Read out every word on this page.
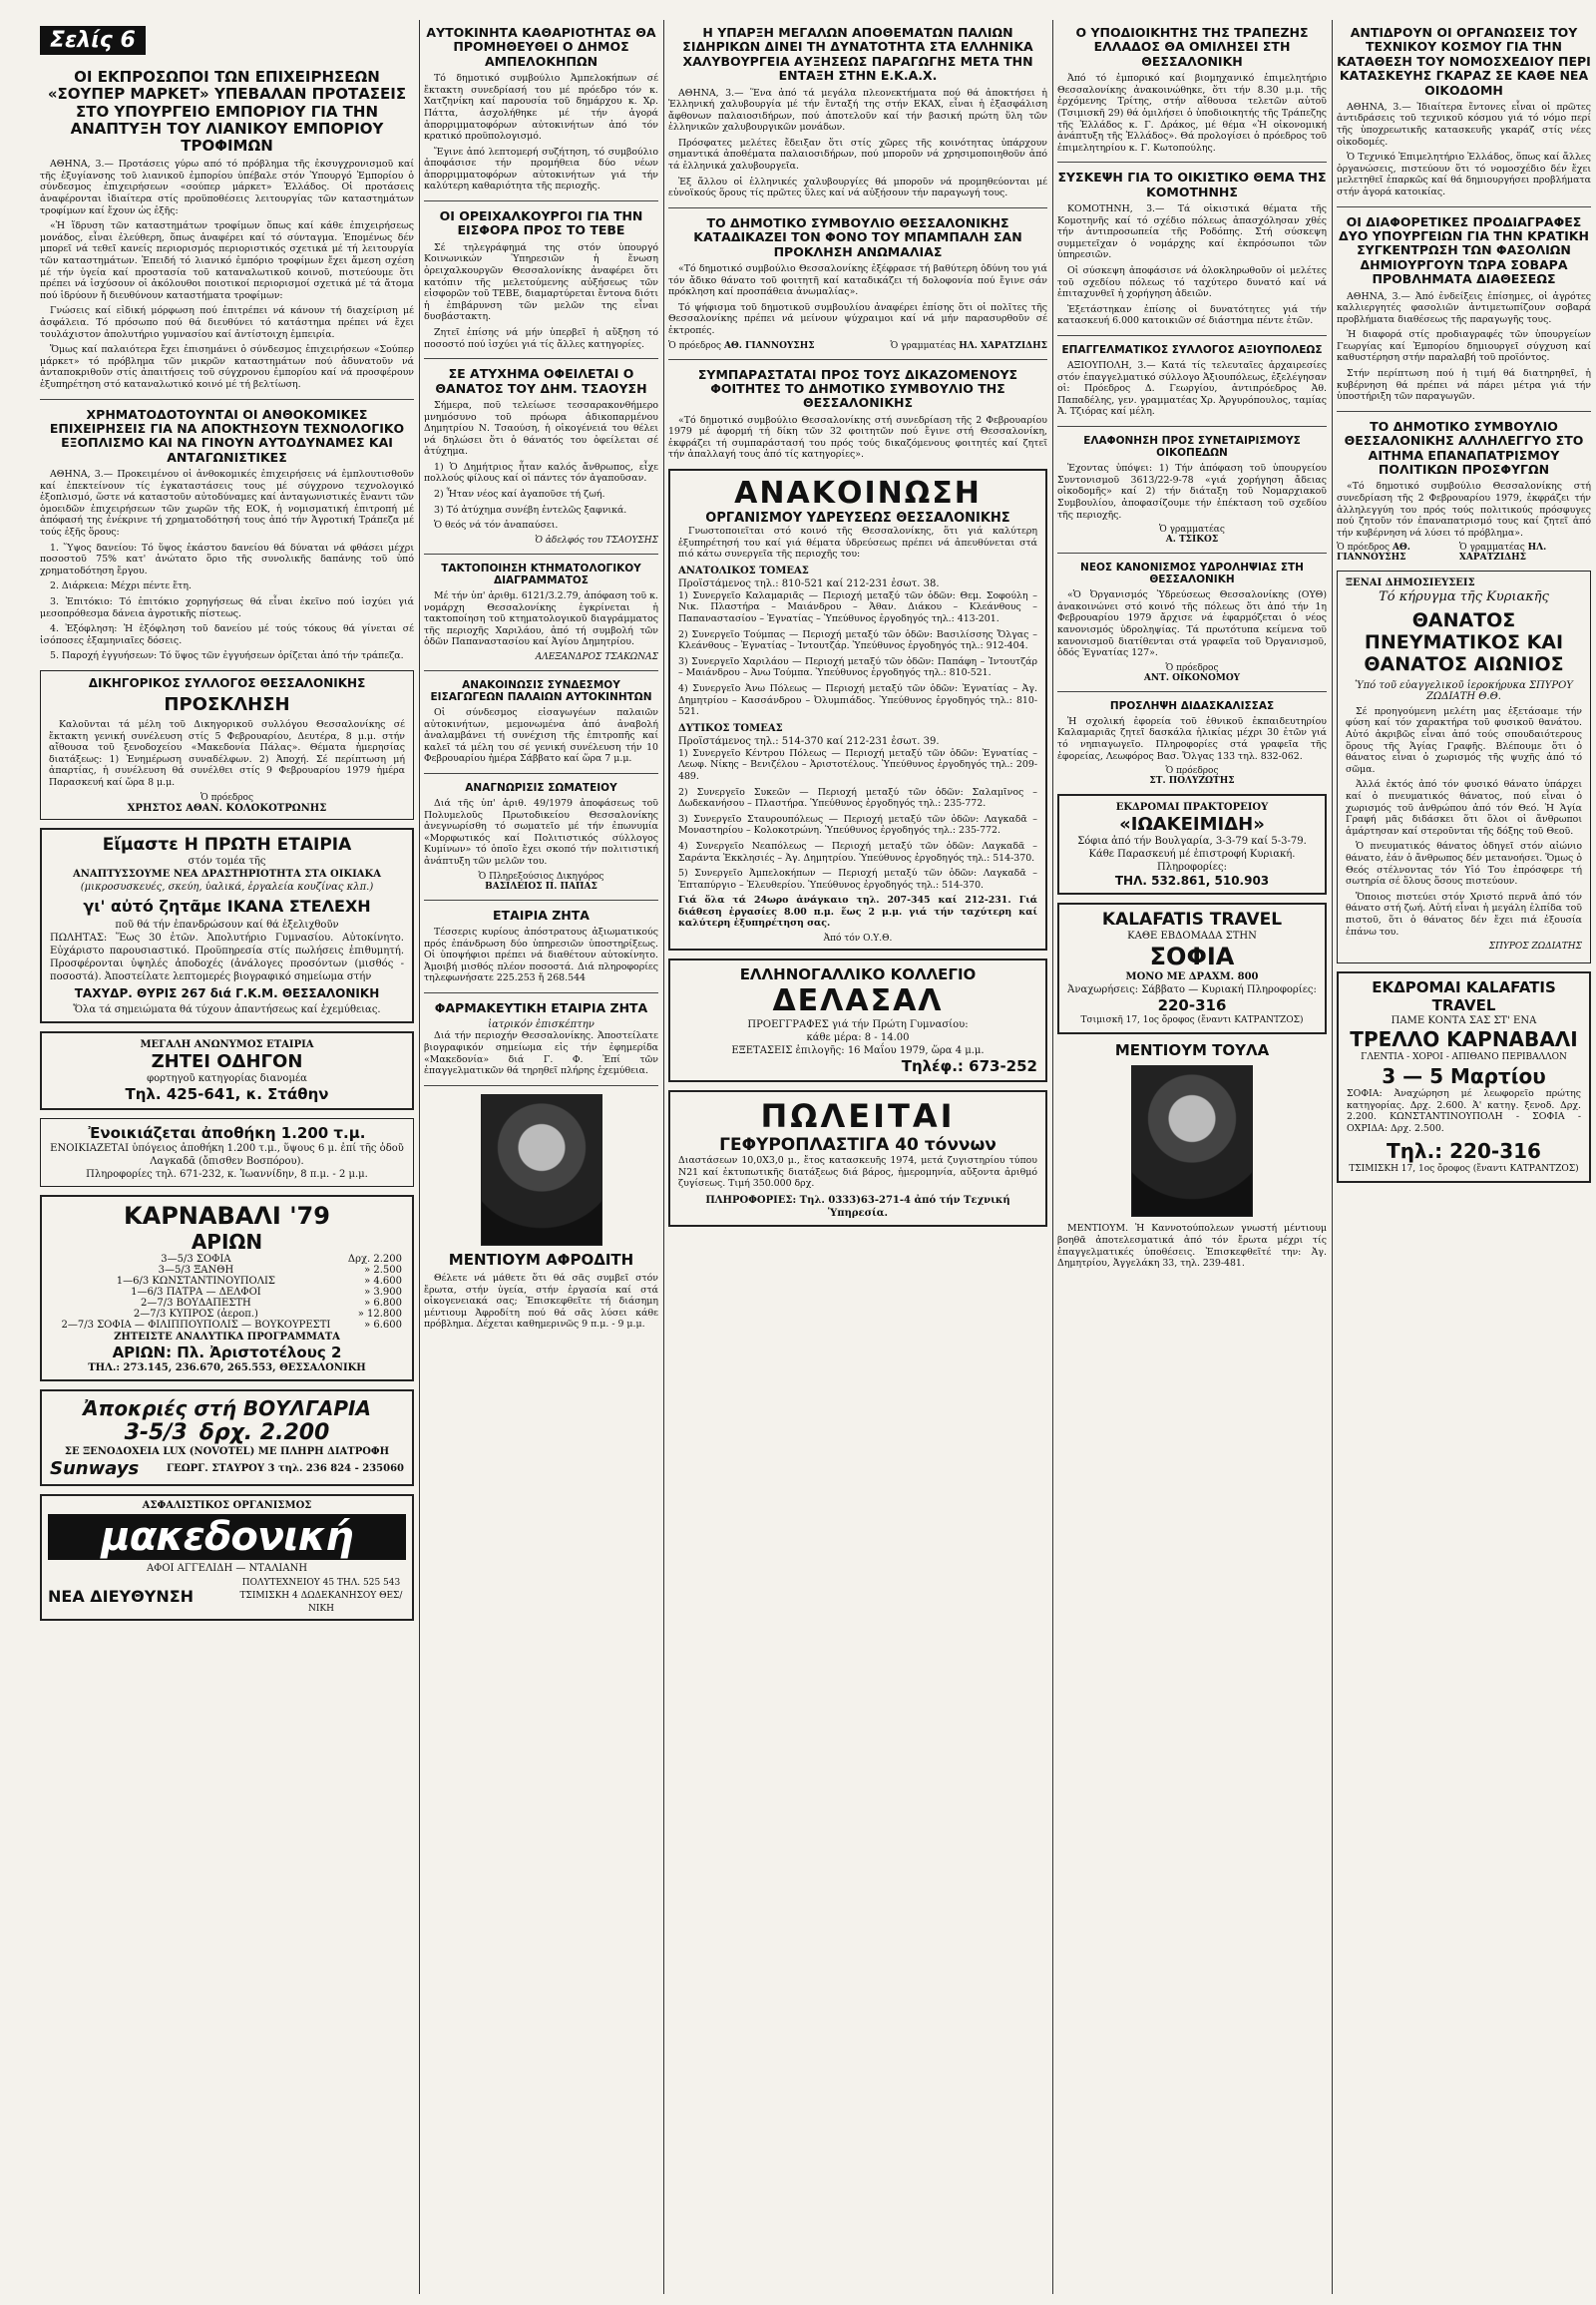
Σελίς 6
ΟΙ ΕΚΠΡΟΣΩΠΟΙ ΤΩΝ ΕΠΙΧΕΙΡΗΣΕΩΝ «ΣΟΥΠΕΡ ΜΑΡΚΕΤ» ΥΠΕΒΑΛΑΝ ΠΡΟΤΑΣΕΙΣ ΣΤΟ ΥΠΟΥΡΓΕΙΟ ΕΜΠΟΡΙΟΥ ΓΙΑ ΤΗΝ ΑΝΑΠΤΥΞΗ ΤΟΥ ΛΙΑΝΙΚΟΥ ΕΜΠΟΡΙΟΥ ΤΡΟΦΙΜΩΝ

ΑΘΗΝΑ, 3.— Προτάσεις γύρω από τό πρόβλημα τῆς ἐκσυγχρονισμοῦ καί τῆς ἐξυγίανσης τοῦ λιανικοῦ ἐμπορίου ὑπέβαλε στόν Ὑπουργό Ἐμπορίου ὁ σύνδεσμος ἐπιχειρήσεων «σούπερ μάρκετ» Ἑλλάδος. Οἱ προτάσεις ἀναφέρονται ἰδιαίτερα στίς προϋποθέσεις λειτουργίας τῶν καταστημάτων τροφίμων καί ἔχουν ὡς ἑξῆς:

«Ἡ ἵδρυση τῶν καταστημάτων τροφίμων ὅπως καί κάθε ἐπιχειρήσεως μονάδος, εἶναι ἐλεύθερη, ὅπως ἀναφέρει καί τό σύνταγμα. Ἐπομένως δέν μπορεῖ νά τεθεῖ κανείς περιορισμός περιοριστικός σχετικά μέ τή λειτουργία τῶν καταστημάτων. Ἐπειδή τό λιανικό ἐμπόριο τροφίμων ἔχει ἄμεση σχέση μέ τήν ὑγεία καί προστασία τοῦ καταναλωτικοῦ κοινοῦ, πιστεύουμε ὅτι πρέπει νά ἰσχύσουν οἱ ἀκόλουθοι ποιοτικοί περιορισμοί σχετικά μέ τά ἄτομα πού ἱδρύουν ἤ διευθύνουν καταστήματα τροφίμων:

Γνώσεις καί εἰδική μόρφωση πού ἐπιτρέπει νά κάνουν τή διαχείριση μέ ἀσφάλεια. Τό πρόσωπο πού θά διευθύνει τό κατάστημα πρέπει νά ἔχει τουλάχιστον ἀπολυτήριο γυμνασίου καί ἀντίστοιχη ἐμπειρία.

Ὅμως καί παλαιότερα ἔχει ἐπισημάνει ὁ σύνδεσμος ἐπιχειρήσεων «Σούπερ μάρκετ» τό πρόβλημα τῶν μικρῶν καταστημάτων πού ἀδυνατοῦν νά ἀνταποκριθοῦν στίς ἀπαιτήσεις τοῦ σύγχρονου ἐμπορίου καί νά προσφέρουν ἐξυπηρέτηση στό καταναλωτικό κοινό μέ τή βελτίωση.

ΧΡΗΜΑΤΟΔΟΤΟΥΝΤΑΙ ΟΙ ΑΝΘΟΚΟΜΙΚΕΣ ΕΠΙΧΕΙΡΗΣΕΙΣ ΓΙΑ ΝΑ ΑΠΟΚΤΗΣΟΥΝ ΤΕΧΝΟΛΟΓΙΚΟ ΕΞΟΠΛΙΣΜΟ ΚΑΙ ΝΑ ΓΙΝΟΥΝ ΑΥΤΟΔΥΝΑΜΕΣ ΚΑΙ ΑΝΤΑΓΩΝΙΣΤΙΚΕΣ

ΑΘΗΝΑ, 3.— Προκειμένου οἱ ἀνθοκομικές ἐπιχειρήσεις νά ἐμπλουτισθοῦν καί ἐπεκτείνουν τίς ἐγκαταστάσεις τους μέ σύγχρονο τεχνολογικό ἐξοπλισμό, ὥστε νά καταστοῦν αὐτοδύναμες καί ἀνταγωνιστικές ἔναντι τῶν ὁμοειδῶν ἐπιχειρήσεων τῶν χωρῶν τῆς ΕΟΚ, ἡ νομισματική ἐπιτροπή μέ ἀπόφασή της ἐνέκρινε τή χρηματοδότησή τους ἀπό τήν Ἀγροτική Τράπεζα μέ τούς ἑξῆς ὅρους:

1. Ὕψος δανείου: Τό ὕψος ἐκάστου δανείου θά δύναται νά φθάσει μέχρι ποσοστοῦ 75% κατ' ἀνώτατο ὅριο τῆς συνολικῆς δαπάνης τοῦ ὑπό χρηματοδότηση ἔργου.

2. Διάρκεια: Μέχρι πέντε ἔτη.

3. Ἐπιτόκιο: Τό ἐπιτόκιο χορηγήσεως θά εἶναι ἐκεῖνο πού ἰσχύει γιά μεσοπρόθεσμα δάνεια ἀγροτικῆς πίστεως.

4. Ἐξόφληση: Ἡ ἐξόφληση τοῦ δανείου μέ τούς τόκους θά γίνεται σέ ἰσόποσες ἑξαμηνιαῖες δόσεις.

5. Παροχή ἐγγυήσεων: Τό ὕψος τῶν ἐγγυήσεων ὁρίζεται ἀπό τήν τράπεζα.

ΔΙΚΗΓΟΡΙΚΟΣ ΣΥΛΛΟΓΟΣ ΘΕΣΣΑΛΟΝΙΚΗΣ
ΠΡΟΣΚΛΗΣΗ

Καλοῦνται τά μέλη τοῦ Δικηγορικοῦ συλλόγου Θεσσαλονίκης σέ ἔκτακτη γενική συνέλευση στίς 5 Φεβρουαρίου, Δευτέρα, 8 μ.μ. στήν αἴθουσα τοῦ ξενοδοχείου «Μακεδονία Πάλας». Θέματα ἡμερησίας διατάξεως: 1) Ἐνημέρωση συναδέλφων. 2) Ἀποχή. Σέ περίπτωση μή ἀπαρτίας, ἡ συνέλευση θά συνέλθει στίς 9 Φεβρουαρίου 1979 ἡμέρα Παρασκευή καί ὥρα 8 μ.μ.

Ὁ πρόεδρος
ΧΡΗΣΤΟΣ ΑΘΑΝ. ΚΟΛΟΚΟΤΡΩΝΗΣ
Εἴμαστε Η ΠΡΩΤΗ ΕΤΑΙΡΙΑ
στόν τομέα τῆς
ΑΝΑΠΤΥΣΣΟΥΜΕ ΝΕΑ ΔΡΑΣΤΗΡΙΟΤΗΤΑ ΣΤΑ ΟΙΚΙΑΚΑ
(μικροσυσκευές, σκεύη, ὑαλικά, ἐργαλεία κουζίνας κλπ.)
γι' αὐτό ζητᾶμε ΙΚΑΝΑ ΣΤΕΛΕΧΗ
ποῦ θά τήν ἐπανδρώσουν καί θά ἐξελιχθοῦν
ΠΩΛΗΤΑΣ: Ἕως 30 ἐτῶν. Ἀπολυτήριο Γυμνασίου. Αὐτοκίνητο. Εὐχάριστο παρουσιαστικό. Προϋπηρεσία στίς πωλήσεις ἐπιθυμητή. Προσφέρονται ὑψηλές ἀποδοχές (ἀνάλογες προσόντων (μισθός - ποσοστά). Ἀποστείλατε λεπτομερές βιογραφικό σημείωμα στήν
ΤΑΧΥΔΡ. ΘΥΡΙΣ 267 διά Γ.Κ.Μ. ΘΕΣΣΑΛΟΝΙΚΗ
Ὅλα τά σημειώματα θά τύχουν ἀπαντήσεως καί ἐχεμύθειας.
ΜΕΓΑΛΗ ΑΝΩΝΥΜΟΣ ΕΤΑΙΡΙΑ
ΖΗΤΕΙ ΟΔΗΓΟΝ
φορτηγοῦ κατηγορίας διανομέα
Τηλ. 425-641, κ. Στάθην
Ἐνοικιάζεται ἀποθήκη 1.200 τ.μ.
ΕΝΟΙΚΙΑΖΕΤΑΙ ὑπόγειος ἀποθήκη 1.200 τ.μ., ὕψους 6 μ. ἐπί τῆς ὁδοῦ Λαγκαδᾶ (ὄπισθεν Βοσπόρου).
Πληροφορίες τηλ. 671-232, κ. Ἰωαννίδην, 8 π.μ. - 2 μ.μ.
ΚΑΡΝΑΒΑΛΙ '79
ΑΡΙΩΝ
3—5/3 ΣΟΦΙΑ	Δρχ. 2.200
3—5/3 ΞΑΝΘΗ	» 2.500
1—6/3 ΚΩΝΣΤΑΝΤΙΝΟΥΠΟΛΙΣ	» 4.600
1—6/3 ΠΑΤΡΑ — ΔΕΛΦΟΙ	» 3.900
2—7/3 ΒΟΥΔΑΠΕΣΤΗ	» 6.800
2—7/3 ΚΥΠΡΟΣ (ἀεροπ.)	» 12.800
2—7/3 ΣΟΦΙΑ — ΦΙΛΙΠΠΟΥΠΟΛΙΣ — ΒΟΥΚΟΥΡΕΣΤΙ	» 6.600
ΖΗΤΕΙΣΤΕ ΑΝΑΛΥΤΙΚΑ ΠΡΟΓΡΑΜΜΑΤΑ
ΑΡΙΩΝ: Πλ. Ἀριστοτέλους 2
ΤΗΛ.: 273.145, 236.670, 265.553, ΘΕΣΣΑΛΟΝΙΚΗ
Ἀποκριές στή ΒΟΥΛΓΑΡΙΑ
3-5/3 δρχ. 2.200
ΣΕ ΞΕΝΟΔΟΧΕΙΑ LUX (NOVOTEL) ΜΕ ΠΛΗΡΗ ΔΙΑΤΡΟΦΗ
Sunways	ΓΕΩΡΓ. ΣΤΑΥΡΟΥ 3 τηλ. 236 824 - 235060
ΑΣΦΑΛΙΣΤΙΚΟΣ ΟΡΓΑΝΙΣΜΟΣ
μακεδονική
ΑΦΟΙ ΑΓΓΕΛΙΔΗ — ΝΤΑΛΙΑΝΗ
ΝΕΑ ΔΙΕΥΘΥΝΣΗ
ΠΟΛΥΤΕΧΝΕΙΟΥ 45 ΤΗΛ. 525 543 ΤΣΙΜΙΣΚΗ 4 ΔΩΔΕΚΑΝΗΣΟΥ ΘΕΣ/ΝΙΚΗ
ΑΥΤΟΚΙΝΗΤΑ ΚΑΘΑΡΙΟΤΗΤΑΣ ΘΑ ΠΡΟΜΗΘΕΥΘΕΙ Ο ΔΗΜΟΣ ΑΜΠΕΛΟΚΗΠΩΝ

Τό δημοτικό συμβούλιο Ἀμπελοκήπων σέ ἔκτακτη συνεδρίασή του μέ πρόεδρο τόν κ. Χατζηνίκη καί παρουσία τοῦ δημάρχου κ. Χρ. Πάττα, ἀσχολήθηκε μέ τήν ἀγορά ἀπορριμματοφόρων αὐτοκινήτων ἀπό τόν κρατικό προϋπολογισμό.

Ἔγινε ἀπό λεπτομερή συζήτηση, τό συμβούλιο ἀποφάσισε τήν προμήθεια δύο νέων ἀπορριμματοφόρων αὐτοκινήτων γιά τήν καλύτερη καθαριότητα τῆς περιοχῆς.

ΟΙ ΟΡΕΙΧΑΛΚΟΥΡΓΟΙ ΓΙΑ ΤΗΝ ΕΙΣΦΟΡΑ ΠΡΟΣ ΤΟ ΤΕΒΕ

Σέ τηλεγράφημά της στόν ὑπουργό Κοινωνικών Ὑπηρεσιῶν ἡ ἕνωση ὀρειχαλκουργῶν Θεσσαλονίκης ἀναφέρει ὅτι κατόπιν τῆς μελετούμενης αὐξήσεως τῶν εἰσφορῶν τοῦ ΤΕΒΕ, διαμαρτύρεται ἔντονα διότι ἡ ἐπιβάρυνση τῶν μελῶν της εἶναι δυσβάστακτη.

Ζητεῖ ἐπίσης νά μήν ὑπερβεῖ ἡ αὔξηση τό ποσοστό πού ἰσχύει γιά τίς ἄλλες κατηγορίες.

ΣΕ ΑΤΥΧΗΜΑ ΟΦΕΙΛΕΤΑΙ Ο ΘΑΝΑΤΟΣ ΤΟΥ ΔΗΜ. ΤΣΑΟΥΣΗ

Σήμερα, ποῦ τελείωσε τεσσαρακονθήμερο μνημόσυνο τοῦ πρόωρα ἀδικοπαρμένου Δημητρίου Ν. Τσαούση, ἡ οἰκογένειά του θέλει νά δηλώσει ὅτι ὁ θάνατός του ὀφείλεται σέ ἀτύχημα.

1) Ὁ Δημήτριος ἦταν καλός ἄνθρωπος, εἶχε πολλούς φίλους καί οἱ πάντες τόν ἀγαποῦσαν.

2) Ἦταν νέος καί ἀγαποῦσε τή ζωή.

3) Τό ἀτύχημα συνέβη ἐντελῶς ξαφνικά.

Ὁ θεός νά τόν ἀναπαύσει.

Ὁ ἀδελφός του ΤΣΑΟΥΣΗΣ
ΤΑΚΤΟΠΟΙΗΣΗ ΚΤΗΜΑΤΟΛΟΓΙΚΟΥ ΔΙΑΓΡΑΜΜΑΤΟΣ

Μέ τήν ὑπ' ἀριθμ. 6121/3.2.79, ἀπόφαση τοῦ κ. νομάρχη Θεσσαλονίκης ἐγκρίνεται ἡ τακτοποίηση τοῦ κτηματολογικοῦ διαγράμματος τῆς περιοχῆς Χαριλάου, ἀπό τή συμβολή τῶν ὁδῶν Παπαναστασίου καί Ἀγίου Δημητρίου.

ΑΛΕΞΑΝΔΡΟΣ ΤΣΑΚΩΝΑΣ
ΑΝΑΚΟΙΝΩΣΙΣ ΣΥΝΔΕΣΜΟΥ ΕΙΣΑΓΩΓΕΩΝ ΠΑΛΑΙΩΝ ΑΥΤΟΚΙΝΗΤΩΝ

Οἱ σύνδεσμος εἰσαγωγέων παλαιῶν αὐτοκινήτων, μεμονωμένα ἀπό ἀναβολή ἀναλαμβάνει τή συνέχιση τῆς ἐπιτροπῆς καί καλεῖ τά μέλη του σέ γενική συνέλευση τήν 10 Φεβρουαρίου ἡμέρα Σάββατο καί ὥρα 7 μ.μ.

ΑΝΑΓΝΩΡΙΣΙΣ ΣΩΜΑΤΕΙΟΥ

Διά τῆς ὑπ' ἀριθ. 49/1979 ἀποφάσεως τοῦ Πολυμελοῦς Πρωτοδικείου Θεσσαλονίκης ἀνεγνωρίσθη τό σωματεῖο μέ τήν ἐπωνυμία «Μορφωτικός καί Πολιτιστικός σύλλογος Κυμίνων» τό ὁποῖο ἔχει σκοπό τήν πολιτιστική ἀνάπτυξη τῶν μελῶν του.

Ὁ Πληρεξούσιος Δικηγόρος
ΒΑΣΙΛΕΙΟΣ Π. ΠΑΠΑΣ
ΕΤΑΙΡΙΑ ΖΗΤΑ

Τέσσερις κυρίους ἀπόστρατους ἀξιωματικούς πρός ἐπάνδρωση δύο ὑπηρεσιῶν ὑποστηρίξεως. Οἱ ὑποψήφιοι πρέπει νά διαθέτουν αὐτοκίνητο. Ἀμοιβή μισθός πλέον ποσοστά. Διά πληροφορίες τηλεφωνήσατε 225.253 ἤ 268.544

ΦΑΡΜΑΚΕΥΤΙΚΗ ΕΤΑΙΡΙΑ ΖΗΤΑ
ἰατρικόν ἐπισκέπτην

Διά τήν περιοχήν Θεσσαλονίκης. Ἀποστείλατε βιογραφικόν σημείωμα εἰς τήν ἐφημερίδα «Μακεδονία» διά Γ. Φ. Ἐπί τῶν ἐπαγγελματικῶν θά τηρηθεῖ πλήρης ἐχεμύθεια.

ΜΕΝΤΙΟΥΜ ΑΦΡΟΔΙΤΗ

Θέλετε νά μάθετε ὅτι θά σᾶς συμβεῖ στόν ἔρωτα, στήν ὑγεία, στήν ἐργασία καί στά οἰκογενειακά σας; Ἐπισκεφθεῖτε τή διάσημη μέντιουμ Ἀφροδίτη πού θά σᾶς λύσει κάθε πρόβλημα. Δέχεται καθημερινῶς 9 π.μ. - 9 μ.μ.

Η ΥΠΑΡΞΗ ΜΕΓΑΛΩΝ ΑΠΟΘΕΜΑΤΩΝ ΠΑΛΙΩΝ ΣΙΔΗΡΙΚΩΝ ΔΙΝΕΙ ΤΗ ΔΥΝΑΤΟΤΗΤΑ ΣΤΑ ΕΛΛΗΝΙΚΑ ΧΑΛΥΒΟΥΡΓΕΙΑ ΑΥΞΗΣΕΩΣ ΠΑΡΑΓΩΓΗΣ ΜΕΤΑ ΤΗΝ ΕΝΤΑΞΗ ΣΤΗΝ Ε.Κ.Α.Χ.

ΑΘΗΝΑ, 3.— Ἕνα ἀπό τά μεγάλα πλεονεκτήματα πού θά ἀποκτήσει ἡ Ἑλληνική χαλυβουργία μέ τήν ἔνταξή της στήν ΕΚΑΧ, εἶναι ἡ ἐξασφάλιση ἄφθονων παλαιοσιδήρων, πού ἀποτελοῦν καί τήν βασική πρώτη ὕλη τῶν ἑλληνικῶν χαλυβουργικῶν μονάδων.

Πρόσφατες μελέτες ἔδειξαν ὅτι στίς χῶρες τῆς κοινότητας ὑπάρχουν σημαντικά ἀποθέματα παλαιοσιδήρων, πού μποροῦν νά χρησιμοποιηθοῦν ἀπό τά ἑλληνικά χαλυβουργεῖα.

Ἐξ ἄλλου οἱ ἑλληνικές χαλυβουργίες θά μποροῦν νά προμηθεύονται μέ εὐνοϊκούς ὅρους τίς πρῶτες ὕλες καί νά αὐξήσουν τήν παραγωγή τους.

ΤΟ ΔΗΜΟΤΙΚΟ ΣΥΜΒΟΥΛΙΟ ΘΕΣΣΑΛΟΝΙΚΗΣ ΚΑΤΑΔΙΚΑΖΕΙ ΤΟΝ ΦΟΝΟ ΤΟΥ ΜΠΑΜΠΑΛΗ ΣΑΝ ΠΡΟΚΛΗΣΗ ΑΝΩΜΑΛΙΑΣ

«Τό δημοτικό συμβούλιο Θεσσαλονίκης ἐξέφρασε τή βαθύτερη ὀδύνη του γιά τόν ἄδικο θάνατο τοῦ φοιτητῆ καί καταδικάζει τή δολοφονία πού ἔγινε σάν πρόκληση καί προσπάθεια ἀνωμαλίας».

Τό ψήφισμα τοῦ δημοτικοῦ συμβουλίου ἀναφέρει ἐπίσης ὅτι οἱ πολῖτες τῆς Θεσσαλονίκης πρέπει νά μείνουν ψύχραιμοι καί νά μήν παρασυρθοῦν σέ ἐκτροπές.

Ὁ πρόεδρος ΑΘ. ΓΙΑΝΝΟΥΣΗΣ	Ὁ γραμματέας ΗΛ. ΧΑΡΑΤΖΙΔΗΣ
ΣΥΜΠΑΡΑΣΤΑΤΑΙ ΠΡΟΣ ΤΟΥΣ ΔΙΚΑΖΟΜΕΝΟΥΣ ΦΟΙΤΗΤΕΣ ΤΟ ΔΗΜΟΤΙΚΟ ΣΥΜΒΟΥΛΙΟ ΤΗΣ ΘΕΣΣΑΛΟΝΙΚΗΣ

«Τό δημοτικό συμβούλιο Θεσσαλονίκης στή συνεδρίαση τῆς 2 Φεβρουαρίου 1979 μέ ἀφορμή τή δίκη τῶν 32 φοιτητῶν πού ἔγινε στή Θεσσαλονίκη, ἐκφράζει τή συμπαράστασή του πρός τούς δικαζόμενους φοιτητές καί ζητεῖ τήν ἀπαλλαγή τους ἀπό τίς κατηγορίες».

ΑΝΑΚΟΙΝΩΣΗ
ΟΡΓΑΝΙΣΜΟΥ ΥΔΡΕΥΣΕΩΣ ΘΕΣΣΑΛΟΝΙΚΗΣ

Γνωστοποιεῖται στό κοινό τῆς Θεσσαλονίκης, ὅτι γιά καλύτερη ἐξυπηρέτησή του καί γιά θέματα ὑδρεύσεως πρέπει νά ἀπευθύνεται στά πιό κάτω συνεργεῖα τῆς περιοχῆς του:

ΑΝΑΤΟΛΙΚΟΣ ΤΟΜΕΑΣ
Προϊστάμενος τηλ.: 810-521 καί 212-231 ἐσωτ. 38.

1) Συνεργεῖο Καλαμαριᾶς — Περιοχή μεταξύ τῶν ὁδῶν: Θεμ. Σοφούλη – Νικ. Πλαστήρα – Μαιάνδρου – Ἀθαν. Διάκου – Κλεάνθους – Παπαναστασίου – Ἐγνατίας – Ὑπεύθυνος ἐργοδηγός τηλ.: 413-201.

2) Συνεργεῖο Τούμπας — Περιοχή μεταξύ τῶν ὁδῶν: Βασιλίσσης Ὄλγας – Κλεάνθους – Ἐγνατίας – Ἰντουτζάρ. Ὑπεύθυνος ἐργοδηγός τηλ.: 912-404.

3) Συνεργεῖο Χαριλάου — Περιοχή μεταξύ τῶν ὁδῶν: Παπάφη – Ἰντουτζάρ – Μαιάνδρου – Ἀνω Τούμπα. Ὑπεύθυνος ἐργοδηγός τηλ.: 810-521.

4) Συνεργεῖο Ἀνω Πόλεως — Περιοχή μεταξύ τῶν ὁδῶν: Ἐγνατίας – Ἀγ. Δημητρίου – Κασσάνδρου – Ὀλυμπιάδος. Ὑπεύθυνος ἐργοδηγός τηλ.: 810-521.

ΔΥΤΙΚΟΣ ΤΟΜΕΑΣ
Προϊστάμενος τηλ.: 514-370 καί 212-231 ἐσωτ. 39.

1) Συνεργεῖο Κέντρου Πόλεως — Περιοχή μεταξύ τῶν ὁδῶν: Ἐγνατίας – Λεωφ. Νίκης – Βενιζέλου – Ἀριστοτέλους. Ὑπεύθυνος ἐργοδηγός τηλ.: 209-489.

2) Συνεργεῖο Συκεῶν — Περιοχή μεταξύ τῶν ὁδῶν: Σαλαμῖνος – Δωδεκανήσου – Πλαστήρα. Ὑπεύθυνος ἐργοδηγός τηλ.: 235-772.

3) Συνεργεῖο Σταυρουπόλεως — Περιοχή μεταξύ τῶν ὁδῶν: Λαγκαδᾶ – Μοναστηρίου – Κολοκοτρώνη. Ὑπεύθυνος ἐργοδηγός τηλ.: 235-772.

4) Συνεργεῖο Νεαπόλεως — Περιοχή μεταξύ τῶν ὁδῶν: Λαγκαδᾶ – Σαράντα Ἐκκλησιές – Ἀγ. Δημητρίου. Ὑπεύθυνος ἐργοδηγός τηλ.: 514-370.

5) Συνεργεῖο Ἀμπελοκήπων — Περιοχή μεταξύ τῶν ὁδῶν: Λαγκαδᾶ – Ἐπταπύργιο – Ἐλευθερίου. Ὑπεύθυνος ἐργοδηγός τηλ.: 514-370.

Γιά ὅλα τά 24ωρο ἀνάγκαιο τηλ. 207-345 καί 212-231. Γιά διάθεση ἐργασίες 8.00 π.μ. ἕως 2 μ.μ. γιά τήν ταχύτερη καί καλύτερη ἐξυπηρέτηση σας.

Ἀπό τόν Ο.Υ.Θ.
ΕΛΛΗΝΟΓΑΛΛΙΚΟ ΚΟΛΛΕΓΙΟ
ΔΕΛΑΣΑΛ
ΠΡΟΕΓΓΡΑΦΕΣ γιά τήν Πρώτη Γυμνασίου:
κάθε μέρα: 8 - 14.00
ΕΞΕΤΑΣΕΙΣ ἐπιλογῆς: 16 Μαΐου 1979, ὥρα 4 μ.μ.
Τηλέφ.: 673-252
ΠΩΛΕΙΤΑΙ
ΓΕΦΥΡΟΠΛΑΣΤΙΓΑ 40 τόννων

Διαστάσεων 10,0X3,0 μ., ἔτος κατασκευῆς 1974, μετά ζυγιστηρίου τύπου Ν21 καί ἐκτυπωτικῆς διατάξεως διά βάρος, ἡμερομηνία, αὔξοντα ἀριθμό ζυγίσεως. Τιμή 350.000 δρχ.

ΠΛΗΡΟΦΟΡΙΕΣ: Τηλ. 0333)63-271-4 ἀπό τήν Τεχνική Ὑπηρεσία.
Ο ΥΠΟΔΙΟΙΚΗΤΗΣ ΤΗΣ ΤΡΑΠΕΖΗΣ ΕΛΛΑΔΟΣ ΘΑ ΟΜΙΛΗΣΕΙ ΣΤΗ ΘΕΣΣΑΛΟΝΙΚΗ

Ἀπό τό ἐμπορικό καί βιομηχανικό ἐπιμελητήριο Θεσσαλονίκης ἀνακοινώθηκε, ὅτι τήν 8.30 μ.μ. τῆς ἐρχόμενης Τρίτης, στήν αἴθουσα τελετῶν αὐτοῦ (Τσιμισκῆ 29) θά ὁμιλήσει ὁ ὑποδιοικητής τῆς Τράπεζης τῆς Ἑλλάδος κ. Γ. Δράκος, μέ θέμα «Ἡ οἰκονομική ἀνάπτυξη τῆς Ἑλλάδος». Θά προλογίσει ὁ πρόεδρος τοῦ ἐπιμελητηρίου κ. Γ. Κωτοπούλης.

ΣΥΣΚΕΨΗ ΓΙΑ ΤΟ ΟΙΚΙΣΤΙΚΟ ΘΕΜΑ ΤΗΣ ΚΟΜΟΤΗΝΗΣ

ΚΟΜΟΤΗΝΗ, 3.— Τά οἰκιστικά θέματα τῆς Κομοτηνῆς καί τό σχέδιο πόλεως ἀπασχόλησαν χθές τήν ἀντιπροσωπεία τῆς Ροδόπης. Στή σύσκεψη συμμετεῖχαν ὁ νομάρχης καί ἐκπρόσωποι τῶν ὑπηρεσιῶν.

Οἱ σύσκεψη ἀποφάσισε νά ὁλοκληρωθοῦν οἱ μελέτες τοῦ σχεδίου πόλεως τό ταχύτερο δυνατό καί νά ἐπιταχυνθεῖ ἡ χορήγηση ἀδειῶν.

Ἐξετάστηκαν ἐπίσης οἱ δυνατότητες γιά τήν κατασκευή 6.000 κατοικιῶν σέ διάστημα πέντε ἐτῶν.

ΕΠΑΓΓΕΛΜΑΤΙΚΟΣ ΣΥΛΛΟΓΟΣ ΑΞΙΟΥΠΟΛΕΩΣ

ΑΞΙΟΥΠΟΛΗ, 3.— Κατά τίς τελευταῖες ἀρχαιρεσίες στόν ἐπαγγελματικό σύλλογο Ἀξιουπόλεως, ἐξελέγησαν οἱ: Πρόεδρος Δ. Γεωργίου, ἀντιπρόεδρος Ἀθ. Παπαδέλης, γεν. γραμματέας Χρ. Ἀργυρόπουλος, ταμίας Ἀ. Τζιόρας καί μέλη.

ΕΛΑΦΟΝΗΣΗ ΠΡΟΣ ΣΥΝΕΤΑΙΡΙΣΜΟΥΣ ΟΙΚΟΠΕΔΩΝ

Ἐχοντας ὑπόψει: 1) Τήν ἀπόφαση τοῦ ὑπουργείου Συντονισμοῦ 3613/22-9-78 «γιά χορήγηση ἄδειας οἰκοδομῆς» καί 2) τήν διάταξη τοῦ Νομαρχιακοῦ Συμβουλίου, ἀποφασίζουμε τήν ἐπέκταση τοῦ σχεδίου τῆς περιοχῆς.

Ὁ γραμματέας
Α. ΤΣΙΚΟΣ
ΝΕΟΣ ΚΑΝΟΝΙΣΜΟΣ ΥΔΡΟΛΗΨΙΑΣ ΣΤΗ ΘΕΣΣΑΛΟΝΙΚΗ

«Ὁ Ὀργανισμός Ὑδρεύσεως Θεσσαλονίκης (ΟΥΘ) ἀνακοινώνει στό κοινό τῆς πόλεως ὅτι ἀπό τήν 1η Φεβρουαρίου 1979 ἄρχισε νά ἐφαρμόζεται ὁ νέος κανονισμός ὑδροληψίας. Τά πρωτότυπα κείμενα τοῦ κανονισμοῦ διατίθενται στά γραφεῖα τοῦ Ὀργανισμοῦ, ὁδός Ἐγνατίας 127».

Ὁ πρόεδρος
ΑΝΤ. ΟΙΚΟΝΟΜΟΥ
ΠΡΟΣΛΗΨΗ ΔΙΔΑΣΚΑΛΙΣΣΑΣ

Ἡ σχολική ἐφορεία τοῦ ἐθνικοῦ ἐκπαιδευτηρίου Καλαμαριᾶς ζητεῖ δασκάλα ἡλικίας μέχρι 30 ἐτῶν γιά τό νηπιαγωγεῖο. Πληροφορίες στά γραφεῖα τῆς ἐφορείας, Λεωφόρος Βασ. Ὄλγας 133 τηλ. 832-062.

Ὁ πρόεδρος
ΣΤ. ΠΟΛΥΖΩΤΗΣ
ΕΚΔΡΟΜΑΙ ΠΡΑΚΤΟΡΕΙΟΥ
«ΙΩΑΚΕΙΜΙΔΗ»
Σόφια ἀπό τήν Βουλγαρία, 3-3-79 καί 5-3-79. Κάθε Παρασκευή μέ ἐπιστροφή Κυριακή. Πληροφορίες:
ΤΗΛ. 532.861, 510.903
KALAFATIS TRAVEL
ΚΑΘΕ ΕΒΔΟΜΑΔΑ ΣΤΗΝ
ΣΟΦΙΑ
ΜΟΝΟ ΜΕ ΔΡΑΧΜ. 800
Ἀναχωρήσεις: Σάββατο — Κυριακή Πληροφορίες:
220-316
Τσιμισκῆ 17, 1ος ὄροφος (ἔναντι ΚΑΤΡΑΝΤΖΟΣ)
ΜΕΝΤΙΟΥΜ ΤΟΥΛΑ

ΜΕΝΤΙΟΥΜ. Ἡ Καννοτούπολεων γνωστή μέντιουμ βοηθᾶ ἀποτελεσματικά ἀπό τόν ἔρωτα μέχρι τίς ἐπαγγελματικές ὑποθέσεις. Ἐπισκεφθεῖτέ την: Ἀγ. Δημητρίου, Ἀγγελάκη 33, τηλ. 239-481.

ΑΝΤΙΔΡΟΥΝ ΟΙ ΟΡΓΑΝΩΣΕΙΣ ΤΟΥ ΤΕΧΝΙΚΟΥ ΚΟΣΜΟΥ ΓΙΑ ΤΗΝ ΚΑΤΑΘΕΣΗ ΤΟΥ ΝΟΜΟΣΧΕΔΙΟΥ ΠΕΡΙ ΚΑΤΑΣΚΕΥΗΣ ΓΚΑΡΑΖ ΣΕ ΚΑΘΕ ΝΕΑ ΟΙΚΟΔΟΜΗ

ΑΘΗΝΑ, 3.— Ἰδιαίτερα ἔντονες εἶναι οἱ πρῶτες ἀντιδράσεις τοῦ τεχνικοῦ κόσμου γιά τό νόμο περί τῆς ὑποχρεωτικῆς κατασκευῆς γκαράζ στίς νέες οἰκοδομές.

Ὁ Τεχνικό Ἐπιμελητήριο Ἑλλάδος, ὅπως καί ἄλλες ὀργανώσεις, πιστεύουν ὅτι τό νομοσχέδιο δέν ἔχει μελετηθεῖ ἐπαρκῶς καί θά δημιουργήσει προβλήματα στήν ἀγορά κατοικίας.

ΟΙ ΔΙΑΦΟΡΕΤΙΚΕΣ ΠΡΟΔΙΑΓΡΑΦΕΣ ΔΥΟ ΥΠΟΥΡΓΕΙΩΝ ΓΙΑ ΤΗΝ ΚΡΑΤΙΚΗ ΣΥΓΚΕΝΤΡΩΣΗ ΤΩΝ ΦΑΣΟΛΙΩΝ ΔΗΜΙΟΥΡΓΟΥΝ ΤΩΡΑ ΣΟΒΑΡΑ ΠΡΟΒΛΗΜΑΤΑ ΔΙΑΘΕΣΕΩΣ

ΑΘΗΝΑ, 3.— Ἀπό ἐνδείξεις ἐπίσημες, οἱ ἀγρότες καλλιεργητές φασολιῶν ἀντιμετωπίζουν σοβαρά προβλήματα διαθέσεως τῆς παραγωγῆς τους.

Ἡ διαφορά στίς προδιαγραφές τῶν ὑπουργείων Γεωργίας καί Ἐμπορίου δημιουργεῖ σύγχυση καί καθυστέρηση στήν παραλαβή τοῦ προϊόντος.

Στήν περίπτωση πού ἡ τιμή θά διατηρηθεῖ, ἡ κυβέρνηση θά πρέπει νά πάρει μέτρα γιά τήν ὑποστήριξη τῶν παραγωγῶν.

ΤΟ ΔΗΜΟΤΙΚΟ ΣΥΜΒΟΥΛΙΟ ΘΕΣΣΑΛΟΝΙΚΗΣ ΑΛΛΗΛΕΓΓΥΟ ΣΤΟ ΑΙΤΗΜΑ ΕΠΑΝΑΠΑΤΡΙΣΜΟΥ ΠΟΛΙΤΙΚΩΝ ΠΡΟΣΦΥΓΩΝ

«Τό δημοτικό συμβούλιο Θεσσαλονίκης στή συνεδρίαση τῆς 2 Φεβρουαρίου 1979, ἐκφράζει τήν ἀλληλεγγύη του πρός τούς πολιτικούς πρόσφυγες πού ζητοῦν τόν ἐπαναπατρισμό τους καί ζητεῖ ἀπό τήν κυβέρνηση νά λύσει τό πρόβλημα».

Ὁ πρόεδρος ΑΘ. ΓΙΑΝΝΟΥΣΗΣ
Ὁ γραμματέας ΗΛ. ΧΑΡΑΤΖΙΔΗΣ
ΞΕΝΑΙ ΔΗΜΟΣΙΕΥΣΕΙΣ
Τό κήρυγμα τῆς Κυριακῆς
ΘΑΝΑΤΟΣ ΠΝΕΥΜΑΤΙΚΟΣ ΚΑΙ ΘΑΝΑΤΟΣ ΑΙΩΝΙΟΣ
Ὑπό τοῦ εὐαγγελικοῦ ἱεροκήρυκα ΣΠΥΡΟΥ ΖΩΔΙΑΤΗ Θ.Θ.

Σέ προηγούμενη μελέτη μας ἐξετάσαμε τήν φύση καί τόν χαρακτήρα τοῦ φυσικοῦ θανάτου. Αὐτό ἀκριβῶς εἶναι ἀπό τούς σπουδαιότερους ὅρους τῆς Ἁγίας Γραφῆς. Βλέπουμε ὅτι ὁ θάνατος εἶναι ὁ χωρισμός τῆς ψυχῆς ἀπό τό σῶμα.

Ἀλλά ἐκτός ἀπό τόν φυσικό θάνατο ὑπάρχει καί ὁ πνευματικός θάνατος, πού εἶναι ὁ χωρισμός τοῦ ἀνθρώπου ἀπό τόν Θεό. Ἡ Ἁγία Γραφή μᾶς διδάσκει ὅτι ὅλοι οἱ ἄνθρωποι ἁμάρτησαν καί στεροῦνται τῆς δόξης τοῦ Θεοῦ.

Ὁ πνευματικός θάνατος ὁδηγεῖ στόν αἰώνιο θάνατο, ἐάν ὁ ἄνθρωπος δέν μετανοήσει. Ὅμως ὁ Θεός στέλνοντας τόν Υἱό Του ἐπρόσφερε τή σωτηρία σέ ὅλους ὅσους πιστεύουν.

Ὅποιος πιστεύει στόν Χριστό περνᾶ ἀπό τόν θάνατο στή ζωή. Αὐτή εἶναι ἡ μεγάλη ἐλπίδα τοῦ πιστοῦ, ὅτι ὁ θάνατος δέν ἔχει πιά ἐξουσία ἐπάνω του.

ΣΠΥΡΟΣ ΖΩΔΙΑΤΗΣ
ΕΚΔΡΟΜΑΙ KALAFATIS TRAVEL
ΠΑΜΕ ΚΟΝΤΑ ΣΑΣ ΣΤ' ΕΝΑ
ΤΡΕΛΛΟ ΚΑΡΝΑΒΑΛΙ
ΓΛΕΝΤΙΑ - ΧΟΡΟΙ - ΑΠΙΘΑΝΟ ΠΕΡΙΒΑΛΛΟΝ
3 — 5 Μαρτίου

ΣΟΦΙΑ: Ἀναχώρηση μέ λεωφορεῖο πρώτης κατηγορίας. Δρχ. 2.600. Ἀ' κατηγ. ξενοδ. Δρχ. 2.200. ΚΩΝΣΤΑΝΤΙΝΟΥΠΟΛΗ - ΣΟΦΙΑ - ΟΧΡΙΔΑ: Δρχ. 2.500.

Τηλ.: 220-316
ΤΣΙΜΙΣΚΗ 17, 1ος ὄροφος (ἔναντι ΚΑΤΡΑΝΤΖΟΣ)
